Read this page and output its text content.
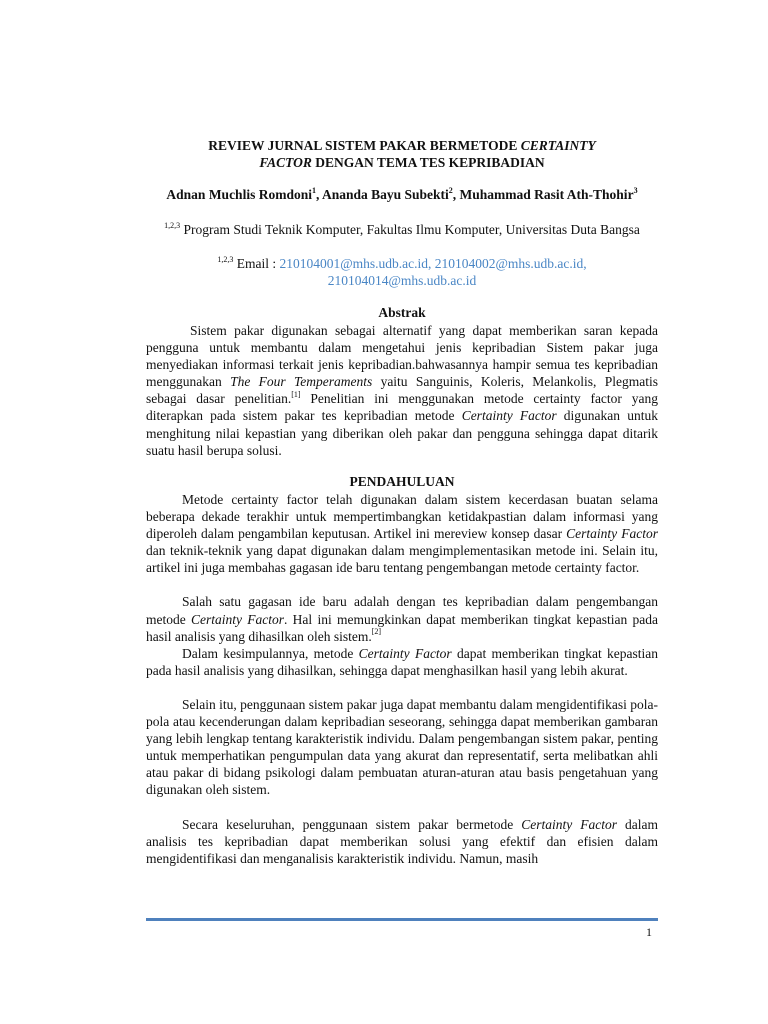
REVIEW JURNAL SISTEM PAKAR BERMETODE CERTAINTY
FACTOR DENGAN TEMA TES KEPRIBADIAN
Adnan Muchlis Romdoni$^1$, Ananda Bayu Subekti$^2$, Muhammad Rasit Ath-Thohir$^3$
$^{1,2,3}$ Program Studi Teknik Komputer, Fakultas Ilmu Komputer, Universitas Duta Bangsa
$^{1,2,3}$ Email : 210104001@mhs.udb.ac.id, 210104002@mhs.udb.ac.id, 210104014@mhs.udb.ac.id
Abstrak

Sistem pakar digunakan sebagai alternatif yang dapat memberikan saran kepada pengguna untuk membantu dalam mengetahui jenis kepribadian Sistem pakar juga menyediakan informasi terkait jenis kepribadian.bahwasannya hampir semua tes kepribadian menggunakan The Four Temperaments yaitu Sanguinis, Koleris, Melankolis, Plegmatis sebagai dasar penelitian.[1] Penelitian ini menggunakan metode certainty factor yang diterapkan pada sistem pakar tes kepribadian metode Certainty Factor digunakan untuk menghitung nilai kepastian yang diberikan oleh pakar dan pengguna sehingga dapat ditarik suatu hasil berupa solusi.

PENDAHULUAN

Metode certainty factor telah digunakan dalam sistem kecerdasan buatan selama beberapa dekade terakhir untuk mempertimbangkan ketidakpastian dalam informasi yang diperoleh dalam pengambilan keputusan. Artikel ini mereview konsep dasar Certainty Factor dan teknik-teknik yang dapat digunakan dalam mengimplementasikan metode ini. Selain itu, artikel ini juga membahas gagasan ide baru tentang pengembangan metode certainty factor.

Salah satu gagasan ide baru adalah dengan tes kepribadian dalam pengembangan metode Certainty Factor. Hal ini memungkinkan dapat memberikan tingkat kepastian pada hasil analisis yang dihasilkan oleh sistem.[2]

Dalam kesimpulannya, metode Certainty Factor dapat memberikan tingkat kepastian pada hasil analisis yang dihasilkan, sehingga dapat menghasilkan hasil yang lebih akurat.

Selain itu, penggunaan sistem pakar juga dapat membantu dalam mengidentifikasi pola-pola atau kecenderungan dalam kepribadian seseorang, sehingga dapat memberikan gambaran yang lebih lengkap tentang karakteristik individu. Dalam pengembangan sistem pakar, penting untuk memperhatikan pengumpulan data yang akurat dan representatif, serta melibatkan ahli atau pakar di bidang psikologi dalam pembuatan aturan-aturan atau basis pengetahuan yang digunakan oleh sistem.

Secara keseluruhan, penggunaan sistem pakar bermetode Certainty Factor dalam analisis tes kepribadian dapat memberikan solusi yang efektif dan efisien dalam mengidentifikasi dan menganalisis karakteristik individu. Namun, masih

1
